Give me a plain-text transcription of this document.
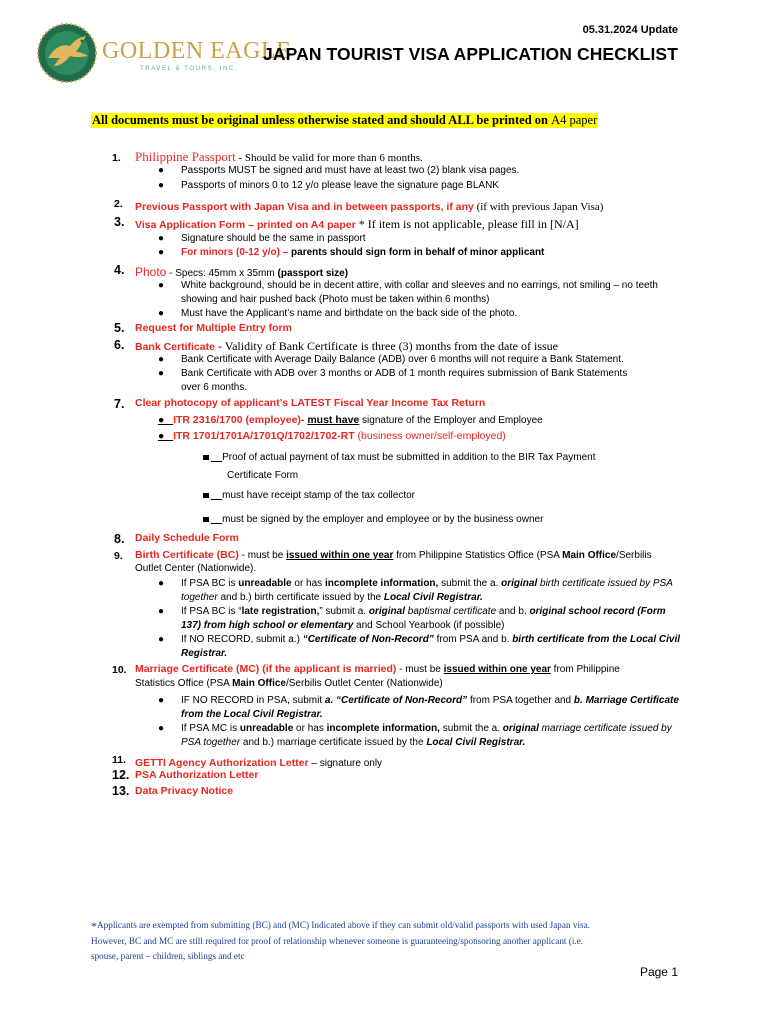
GOLDEN EAGLE
TRAVEL & TOURS, INC.
05.31.2024 Update
JAPAN TOURIST VISA APPLICATION CHECKLIST
All documents must be original unless otherwise stated and should ALL be printed on A4 paper
1. Philippine Passport - Should be valid for more than 6 months.
● Passports MUST be signed and must have at least two (2) blank visa pages.
● Passports of minors 0 to 12 y/o please leave the signature page BLANK
2. Previous Passport with Japan Visa and in between passports, if any (if with previous Japan Visa)
3. Visa Application Form – printed on A4 paper * If item is not applicable, please fill in [N/A]
● Signature should be the same in passport
● For minors (0-12 y/o) – parents should sign form in behalf of minor applicant
4. Photo - Specs: 45mm x 35mm (passport size)
● White background, should be in decent attire, with collar and sleeves and no earrings, not smiling – no teeth
showing and hair pushed back (Photo must be taken within 6 months)
● Must have the Applicant’s name and birthdate on the back side of the photo.
5. Request for Multiple Entry form
6. Bank Certificate - Validity of Bank Certificate is three (3) months from the date of issue
● Bank Certificate with Average Daily Balance (ADB) over 6 months will not require a Bank Statement.
● Bank Certificate with ADB over 3 months or ADB of 1 month requires submission of Bank Statements
over 6 months.
7. Clear photocopy of applicant’s LATEST Fiscal Year Income Tax Return
●   ITR 2316/1700 (employee)- must have signature of the Employer and Employee
●   ITR 1701/1701A/1701Q/1702/1702-RT (business owner/self-employed)
Proof of actual payment of tax must be submitted in addition to the BIR Tax Payment
Certificate Form
must have receipt stamp of the tax collector
must be signed by the employer and employee or by the business owner
8. Daily Schedule Form
9. Birth Certificate (BC) - must be issued within one year from Philippine Statistics Office (PSA Main Office/Serbilis
Outlet Center (Nationwide).
● If PSA BC is unreadable or has incomplete information, submit the a. original birth certificate issued by PSA
together and b.) birth certificate issued by the Local Civil Registrar.
● If PSA BC is “late registration,” submit a. original baptismal certificate and b. original school record (Form
137) from high school or elementary and School Yearbook (if possible)
● If NO RECORD, submit a.) “Certificate of Non-Record” from PSA and b. birth certificate from the Local Civil
Registrar.
10. Marriage Certificate (MC) (if the applicant is married) - must be issued within one year from Philippine
Statistics Office (PSA Main Office/Serbilis Outlet Center (Nationwide)
● IF NO RECORD in PSA, submit a. “Certificate of Non-Record” from PSA together and b. Marriage Certificate
from the Local Civil Registrar.
● If PSA MC is unreadable or has incomplete information, submit the a. original marriage certificate issued by
PSA together and b.) marriage certificate issued by the Local Civil Registrar.
11. GETTI Agency Authorization Letter – signature only
12. PSA Authorization Letter
13. Data Privacy Notice
*Applicants are exempted from submitting (BC) and (MC) Indicated above if they can submit old/valid passports with used Japan visa.
However, BC and MC are still required for proof of relationship whenever someone is guaranteeing/sponsoring another applicant (i.e.
spouse, parent – children, siblings and etc
Page 1
